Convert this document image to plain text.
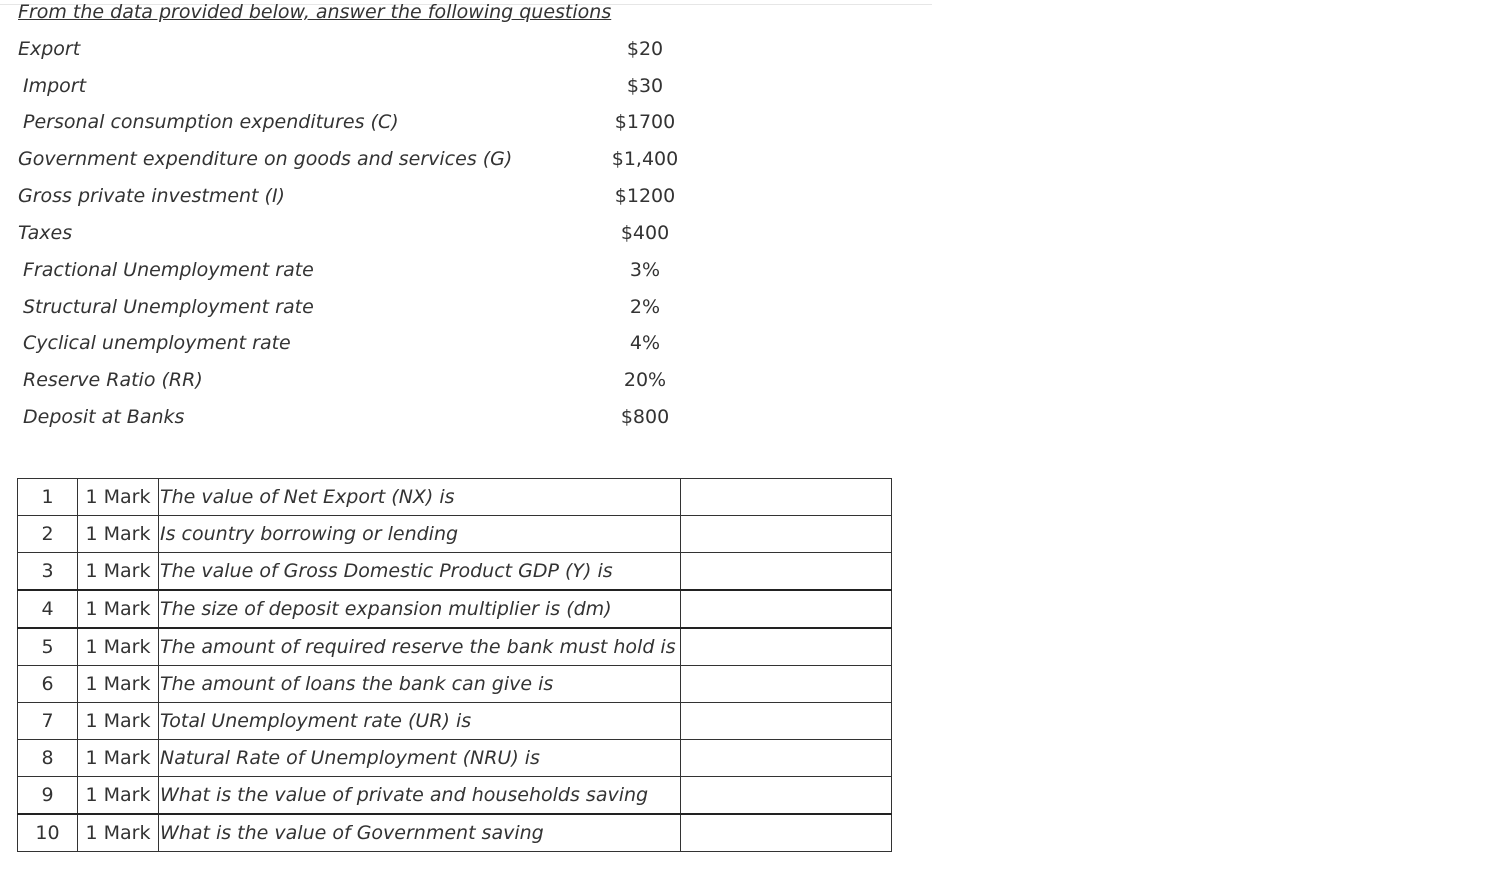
From the data provided below, answer the following questions
Export	$20
Import	$30
Personal consumption expenditures (C)	$1700
Government expenditure on goods and services (G)	$1,400
Gross private investment (I)	$1200
Taxes	$400
Fractional Unemployment rate	3%
Structural Unemployment rate	2%
Cyclical unemployment rate	4%
Reserve Ratio (RR)	20%
Deposit at Banks	$800
1	1 Mark	The value of Net Export (NX) is	
2	1 Mark	Is country borrowing or lending	
3	1 Mark	The value of Gross Domestic Product GDP (Y) is	
4	1 Mark	The size of deposit expansion multiplier is (dm)	
5	1 Mark	The amount of required reserve the bank must hold is	
6	1 Mark	The amount of loans the bank can give is	
7	1 Mark	Total Unemployment rate (UR) is	
8	1 Mark	Natural Rate of Unemployment (NRU) is	
9	1 Mark	What is the value of private and households saving	
10	1 Mark	What is the value of Government saving	
